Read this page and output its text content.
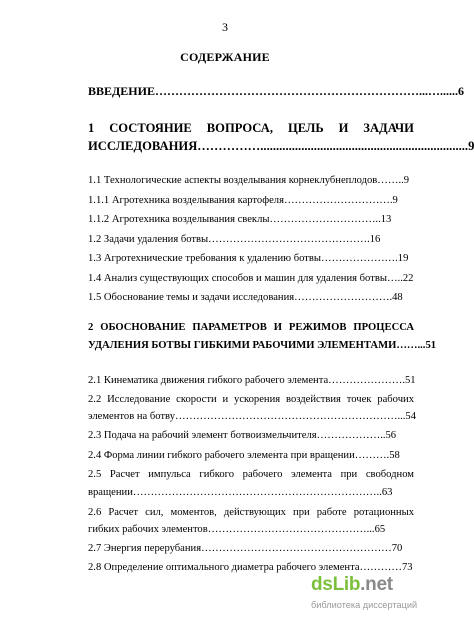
3
СОДЕРЖАНИЕ
ВВЕДЕНИЕ…………………………………………………………...…......6
1 СОСТОЯНИЕ ВОПРОСА, ЦЕЛЬ И ЗАДАЧИ
ИССЛЕДОВАНИЯ……………..................................................................9
1.1 Технологические аспекты возделывания корнеклубнеплодов……..9
1.1.1 Агротехника возделывания картофеля………………………….9
1.1.2 Агротехника возделывания свеклы…………………………..13
1.2 Задачи удаления ботвы……………………………………….16
1.3 Агротехнические требования к удалению ботвы………………….19
1.4 Анализ существующих способов и машин для удаления ботвы…..22
1.5 Обоснование темы и задачи исследования……………………….48
2 ОБОСНОВАНИЕ ПАРАМЕТРОВ И РЕЖИМОВ ПРОЦЕССА
УДАЛЕНИЯ БОТВЫ ГИБКИМИ РАБОЧИМИ ЭЛЕМЕНТАМИ……...51
2.1 Кинематика движения гибкого рабочего элемента………………….51
2.2 Исследование скорости и ускорения воздействия точек рабочих
элементов на ботву………………………………………………………...54
2.3 Подача на рабочий элемент ботвоизмельчителя………………..56
2.4 Форма линии гибкого рабочего элемента при вращении……….58
2.5 Расчет импульса гибкого рабочего элемента при свободном
вращении……………………………………………………………..63
2.6 Расчет сил, моментов, действующих при работе ротационных
гибких рабочих элементов………………………………………...65
2.7 Энергия перерубания………………………………………………70
2.8 Определение оптимального диаметра рабочего элемента…………73
dsLib.net
библиотека диссертаций
